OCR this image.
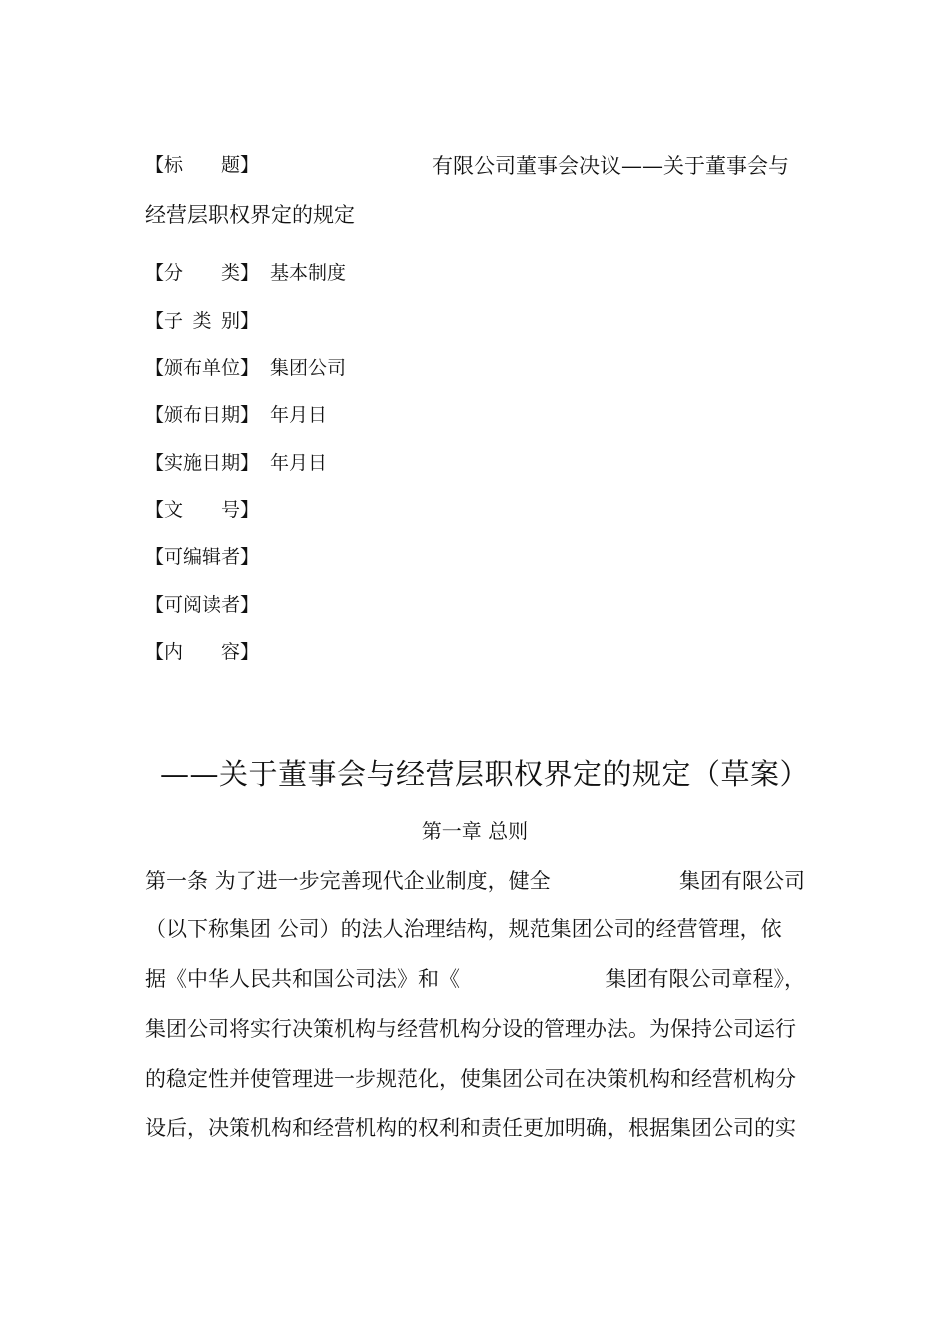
【 标 题 】	有限公司董事会决议——关于董事会与
经营层职权界定的规定
【 分 类 】 基本制度
【 子 类 别 】
【 颁 布 单 位 】 集团公司
【 颁 布 日 期 】 年月日
【 实 施 日 期 】 年月日
【 文 号 】
【 可 编 辑 者 】
【 可 阅 读 者 】
【 内 容 】
——关于董事会与经营层职权界定的规定（草案）
第一章 总则
第一条 为了进一步完善现代企业制度，健全	集团有限公司
（以下称集团 公司）的法人治理结构，规范集团公司的经营管理，依
据《中华人民共和国公司法》和《	集团有限公司章程》，
集团公司将实行决策机构与经营机构分设的管理办法。为保持公司运行
的稳定性并使管理进一步规范化，使集团公司在决策机构和经营机构分
设后，决策机构和经营机构的权利和责任更加明确，根据集团公司的实
